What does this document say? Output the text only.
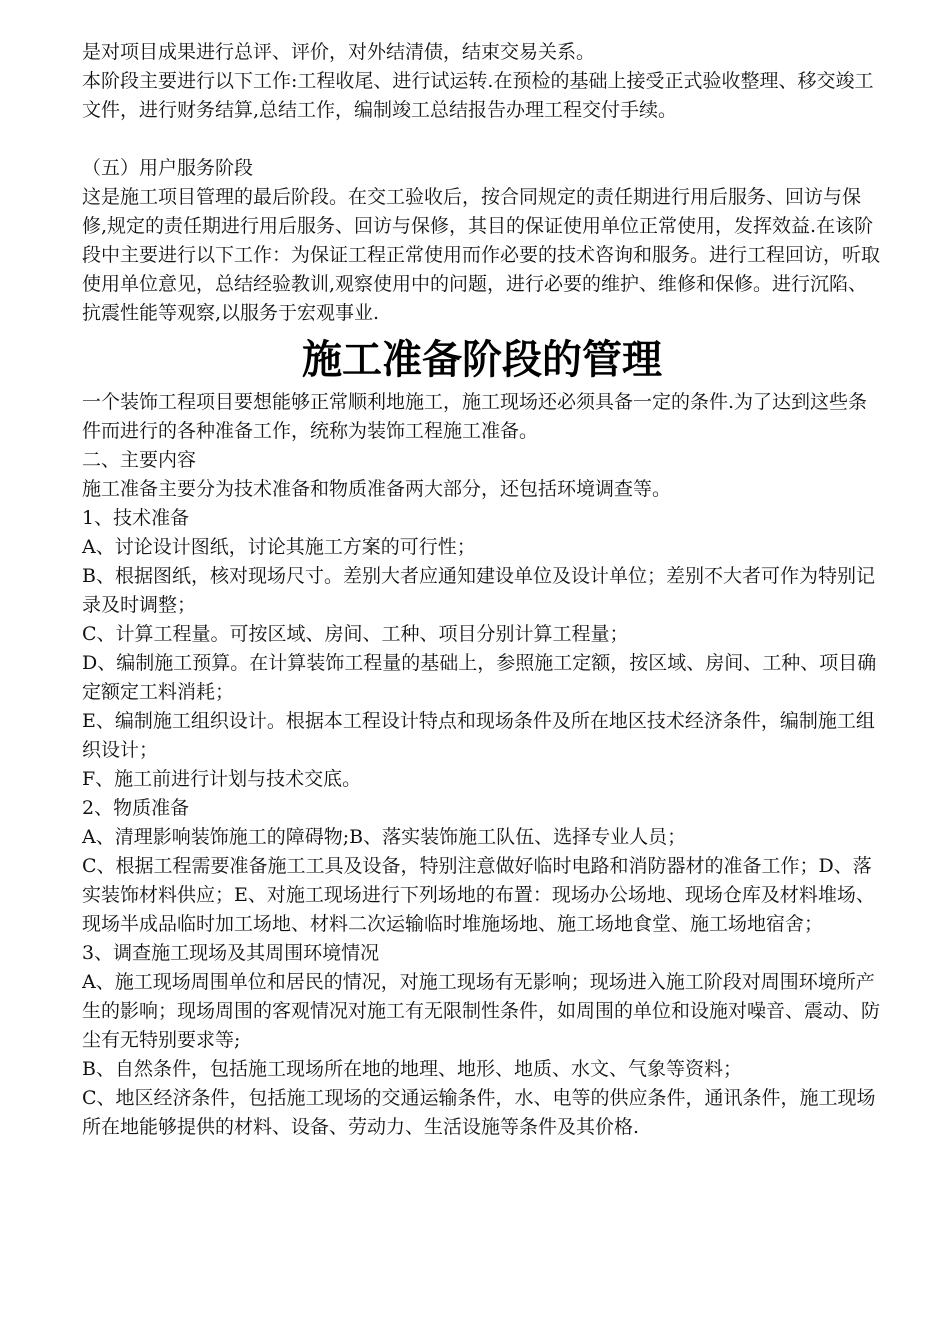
是对项目成果进行总评、评价，对外结清债，结束交易关系。

本阶段主要进行以下工作:工程收尾、进行试运转.在预检的基础上接受正式验收整理、移交竣工文件，进行财务结算,总结工作，编制竣工总结报告办理工程交付手续。

（五）用户服务阶段

这是施工项目管理的最后阶段。在交工验收后，按合同规定的责任期进行用后服务、回访与保修,规定的责任期进行用后服务、回访与保修，其目的保证使用单位正常使用，发挥效益.在该阶段中主要进行以下工作：为保证工程正常使用而作必要的技术咨询和服务。进行工程回访，听取使用单位意见，总结经验教训,观察使用中的问题，进行必要的维护、维修和保修。进行沉陷、抗震性能等观察,以服务于宏观事业.

施工准备阶段的管理

一个装饰工程项目要想能够正常顺利地施工，施工现场还必须具备一定的条件.为了达到这些条件而进行的各种准备工作，统称为装饰工程施工准备。

二、主要内容

施工准备主要分为技术准备和物质准备两大部分，还包括环境调查等。

1、技术准备

A、讨论设计图纸，讨论其施工方案的可行性；

B、根据图纸，核对现场尺寸。差别大者应通知建设单位及设计单位；差别不大者可作为特别记录及时调整；

C、计算工程量。可按区域、房间、工种、项目分别计算工程量；

D、编制施工预算。在计算装饰工程量的基础上，参照施工定额，按区域、房间、工种、项目确定额定工料消耗；

E、编制施工组织设计。根据本工程设计特点和现场条件及所在地区技术经济条件，编制施工组织设计；

F、施工前进行计划与技术交底。

2、物质准备

A、清理影响装饰施工的障碍物;B、落实装饰施工队伍、选择专业人员；

C、根据工程需要准备施工工具及设备，特别注意做好临时电路和消防器材的准备工作；D、落实装饰材料供应；E、对施工现场进行下列场地的布置：现场办公场地、现场仓库及材料堆场、现场半成品临时加工场地、材料二次运输临时堆施场地、施工场地食堂、施工场地宿舍；

3、调查施工现场及其周围环境情况

A、施工现场周围单位和居民的情况，对施工现场有无影响；现场进入施工阶段对周围环境所产生的影响；现场周围的客观情况对施工有无限制性条件，如周围的单位和设施对噪音、震动、防尘有无特别要求等;

B、自然条件，包括施工现场所在地的地理、地形、地质、水文、气象等资料；

C、地区经济条件，包括施工现场的交通运输条件，水、电等的供应条件，通讯条件，施工现场所在地能够提供的材料、设备、劳动力、生活设施等条件及其价格.
